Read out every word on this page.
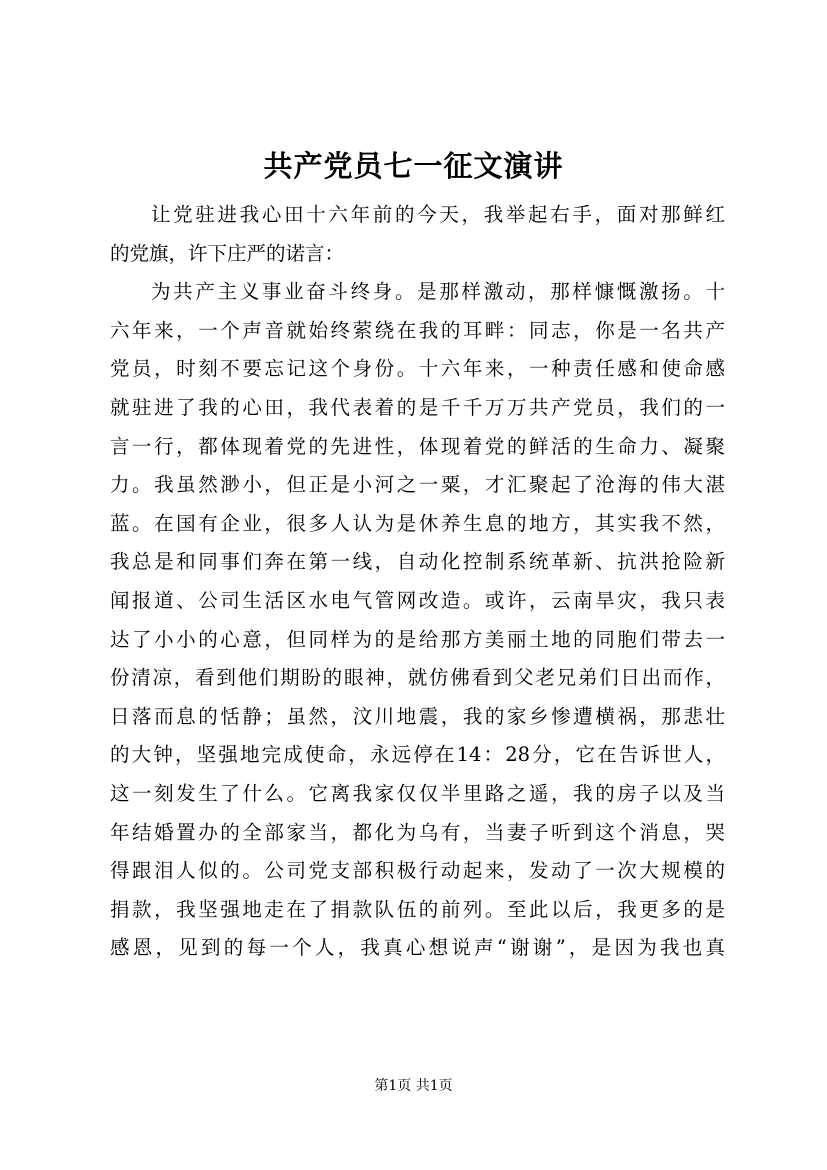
共产党员七一征文演讲
让党驻进我心田十六年前的今天，我举起右手，面对那鲜红
的党旗，许下庄严的诺言：
为共产主义事业奋斗终身。是那样激动，那样慷慨激扬。十
六年来，一个声音就始终萦绕在我的耳畔：同志，你是一名共产
党员，时刻不要忘记这个身份。十六年来，一种责任感和使命感
就驻进了我的心田，我代表着的是千千万万共产党员，我们的一
言一行，都体现着党的先进性，体现着党的鲜活的生命力、凝聚
力。我虽然渺小，但正是小河之一粟，才汇聚起了沧海的伟大湛
蓝。在国有企业，很多人认为是休养生息的地方，其实我不然，
我总是和同事们奔在第一线，自动化控制系统革新、抗洪抢险新
闻报道、公司生活区水电气管网改造。或许，云南旱灾，我只表
达了小小的心意，但同样为的是给那方美丽土地的同胞们带去一
份清凉，看到他们期盼的眼神，就仿佛看到父老兄弟们日出而作，
日落而息的恬静；虽然，汶川地震，我的家乡惨遭横祸，那悲壮
的大钟，坚强地完成使命，永远停在14：28分，它在告诉世人，
这一刻发生了什么。它离我家仅仅半里路之遥，我的房子以及当
年结婚置办的全部家当，都化为乌有，当妻子听到这个消息，哭
得跟泪人似的。公司党支部积极行动起来，发动了一次大规模的
捐款，我坚强地走在了捐款队伍的前列。至此以后，我更多的是
感恩，见到的每一个人，我真心想说声“谢谢”，是因为我也真
第1页 共1页
